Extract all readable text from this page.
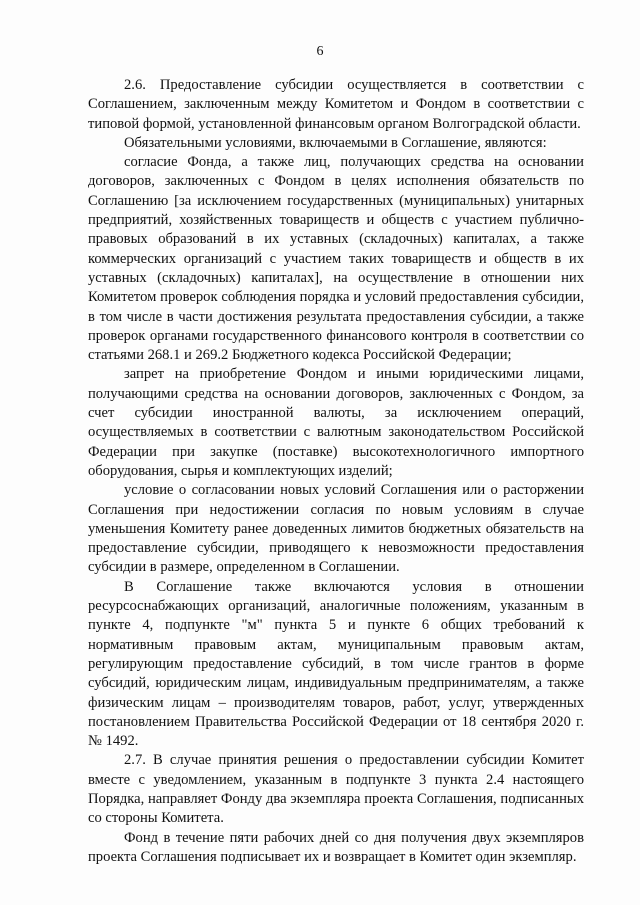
6

2.6. Предоставление субсидии осуществляется в соответствии с Соглашением, заключенным между Комитетом и Фондом в соответствии с типовой формой, установленной финансовым органом Волгоградской области.

Обязательными условиями, включаемыми в Соглашение, являются:

согласие Фонда, а также лиц, получающих средства на основании договоров, заключенных с Фондом в целях исполнения обязательств по Соглашению [за исключением государственных (муниципальных) унитарных предприятий, хозяйственных товариществ и обществ с участием публично-правовых образований в их уставных (складочных) капиталах, а также коммерческих организаций с участием таких товариществ и обществ в их уставных (складочных) капиталах], на осуществление в отношении них Комитетом проверок соблюдения порядка и условий предоставления субсидии, в том числе в части достижения результата предоставления субсидии, а также проверок органами государственного финансового контроля в соответствии со статьями 268.1 и 269.2 Бюджетного кодекса Российской Федерации;

запрет на приобретение Фондом и иными юридическими лицами, получающими средства на основании договоров, заключенных с Фондом, за счет субсидии иностранной валюты, за исключением операций, осуществляемых в соответствии с валютным законодательством Российской Федерации при закупке (поставке) высокотехнологичного импортного оборудования, сырья и комплектующих изделий;

условие о согласовании новых условий Соглашения или о расторжении Соглашения при недостижении согласия по новым условиям в случае уменьшения Комитету ранее доведенных лимитов бюджетных обязательств на предоставление субсидии, приводящего к невозможности предоставления субсидии в размере, определенном в Соглашении.

В Соглашение также включаются условия в отношении ресурсоснабжающих организаций, аналогичные положениям, указанным в пункте 4, подпункте "м" пункта 5 и пункте 6 общих требований к нормативным правовым актам, муниципальным правовым актам, регулирующим предоставление субсидий, в том числе грантов в форме субсидий, юридическим лицам, индивидуальным предпринимателям, а также физическим лицам – производителям товаров, работ, услуг, утвержденных постановлением Правительства Российской Федерации от 18 сентября 2020 г. № 1492.

2.7. В случае принятия решения о предоставлении субсидии Комитет вместе с уведомлением, указанным в подпункте 3 пункта 2.4 настоящего Порядка, направляет Фонду два экземпляра проекта Соглашения, подписанных со стороны Комитета.

Фонд в течение пяти рабочих дней со дня получения двух экземпляров проекта Соглашения подписывает их и возвращает в Комитет один экземпляр.
